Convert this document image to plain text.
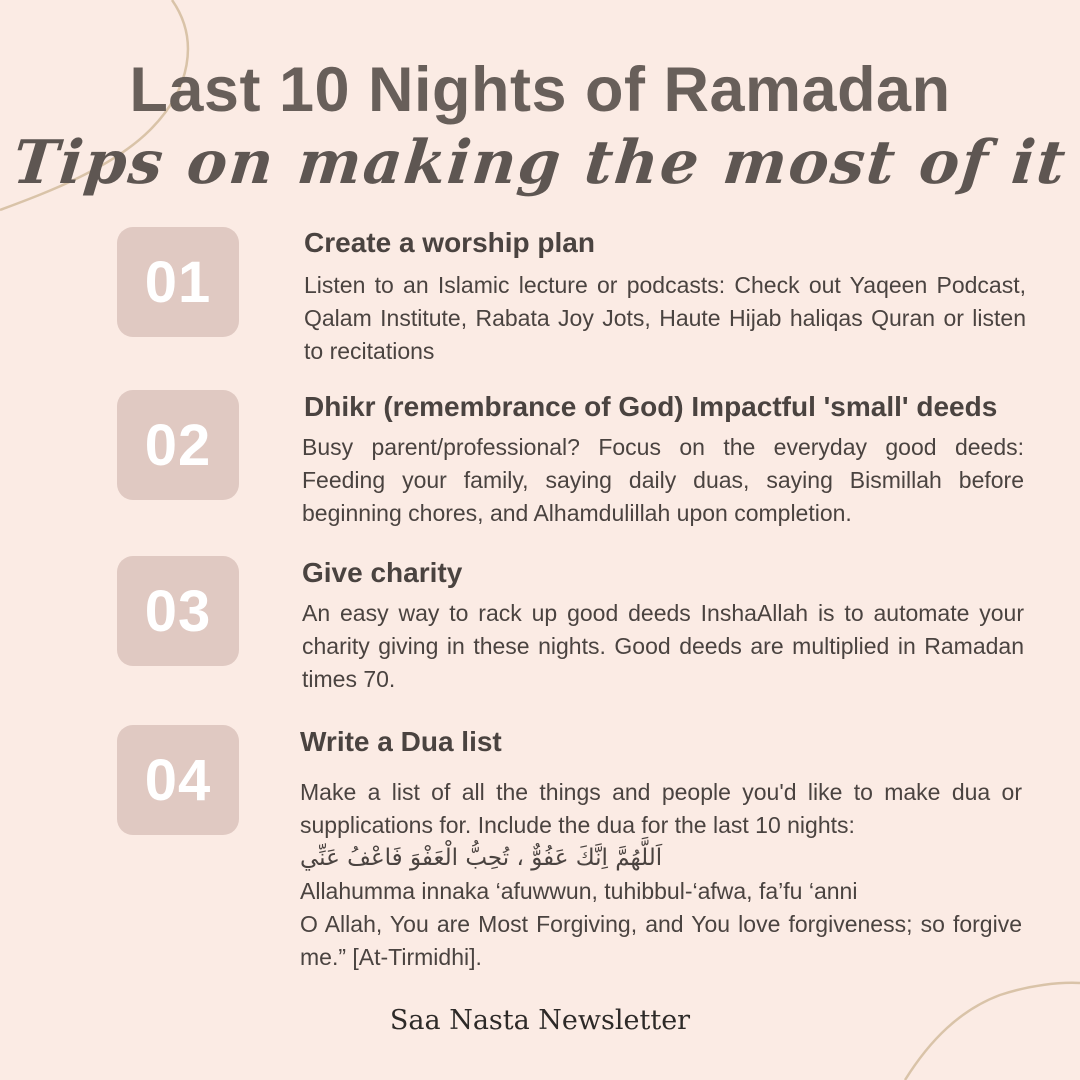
Last 10 Nights of Ramadan
Tips on making the most of it
01
Create a worship plan

Listen to an Islamic lecture or podcasts: Check out Yaqeen Podcast, Qalam Institute, Rabata Joy Jots, Haute Hijab haliqas Quran or listen to recitations

02
Dhikr (remembrance of God) Impactful 'small' deeds

Busy parent/professional? Focus on the everyday good deeds: Feeding your family, saying daily duas, saying Bismillah before beginning chores, and Alhamdulillah upon completion.

03
Give charity

An easy way to rack up good deeds InshaAllah is to automate your charity giving in these nights. Good deeds are multiplied in Ramadan times 70.

04
Write a Dua list

Make a list of all the things and people you'd like to make dua or supplications for. Include the dua for the last 10 nights:
اَللَّهُمَّ اِنَّكَ عَفُوٌّ ، تُحِبُّ الْعَفْوَ فَاعْفُ عَنِّي
Allahumma innaka ‘afuwwun, tuhibbul-‘afwa, fa’fu ‘anni
O Allah, You are Most Forgiving, and You love forgiveness; so forgive me.” [At-Tirmidhi].

Saa Nasta Newsletter
